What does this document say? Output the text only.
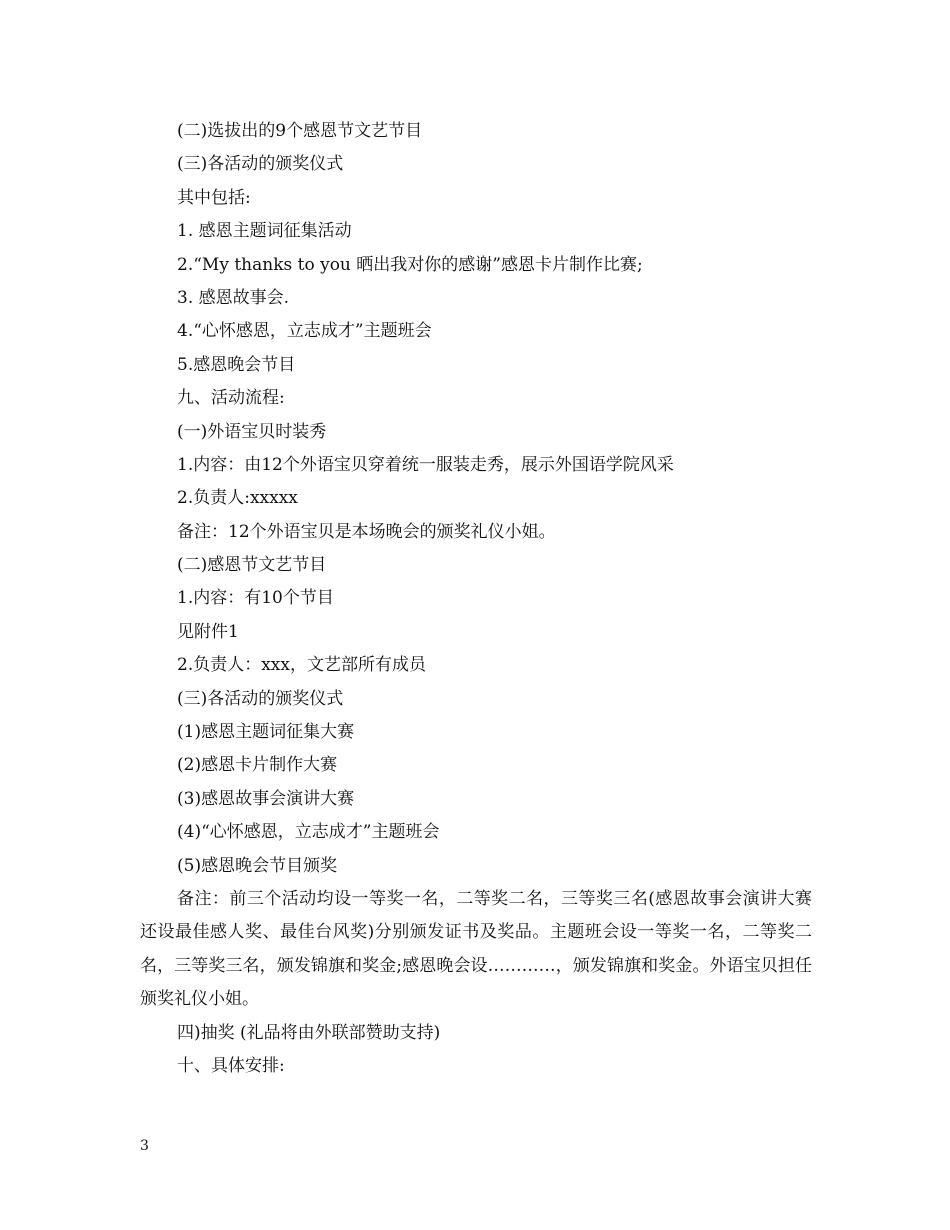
(二)选拔出的9个感恩节文艺节目
(三)各活动的颁奖仪式
其中包括:
1. 感恩主题词征集活动
2.“My thanks to you 晒出我对你的感谢”感恩卡片制作比赛;
3. 感恩故事会.
4.“心怀感恩，立志成才”主题班会
5.感恩晚会节目
九、活动流程:
(一)外语宝贝时装秀
1.内容：由12个外语宝贝穿着统一服装走秀，展示外国语学院风采
2.负责人:xxxxx
备注：12个外语宝贝是本场晚会的颁奖礼仪小姐。
(二)感恩节文艺节目
1.内容：有10个节目
见附件1
2.负责人：xxx，文艺部所有成员
(三)各活动的颁奖仪式
(1)感恩主题词征集大赛
(2)感恩卡片制作大赛
(3)感恩故事会演讲大赛
(4)“心怀感恩，立志成才”主题班会
(5)感恩晚会节目颁奖

备注：前三个活动均设一等奖一名，二等奖二名，三等奖三名(感恩故事会演讲大赛还设最佳感人奖、最佳台风奖)分别颁发证书及奖品。主题班会设一等奖一名，二等奖二名，三等奖三名，颁发锦旗和奖金;感恩晚会设…………，颁发锦旗和奖金。外语宝贝担任颁奖礼仪小姐。

四)抽奖 (礼品将由外联部赞助支持)
十、具体安排:
3
